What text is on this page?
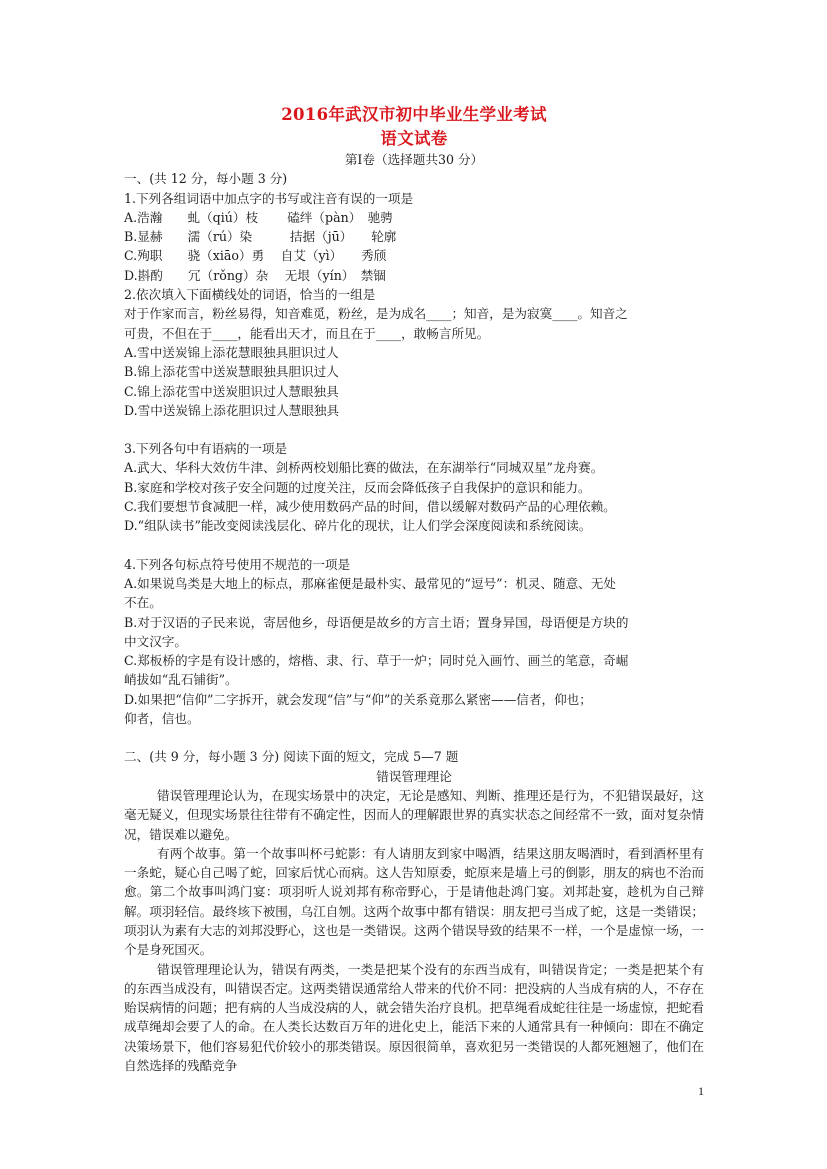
2016年武汉市初中毕业生学业考试
语文试卷

第Ⅰ卷（选择题共30 分）

一、(共 12 分，每小题 3 分)

1.下列各组词语中加点字的书写或注音有误的一项是

A.浩瀚　　虬（qiú）枝　　 磕绊（pàn）　驰骋

B.显赫　　濡（rú）染　　　拮据（jū）　　轮廓

C.殉职　　骁（xiāo）勇　 自艾（yì）　　秀颀

D.斟酌　　冗（rǒng）杂　 无垠（yín）　禁锢

2.依次填入下面横线处的词语，恰当的一组是

对于作家而言，粉丝易得，知音难觅，粉丝，是为成名____；知音，是为寂寞____。知音之

可贵，不但在于____，能看出天才，而且在于____，敢畅言所见。

A.雪中送炭锦上添花慧眼独具胆识过人

B.锦上添花雪中送炭慧眼独具胆识过人

C.锦上添花雪中送炭胆识过人慧眼独具

D.雪中送炭锦上添花胆识过人慧眼独具

3.下列各句中有语病的一项是

A.武大、华科大效仿牛津、剑桥两校划船比赛的做法，在东湖举行“同城双星”龙舟赛。

B.家庭和学校对孩子安全问题的过度关注，反而会降低孩子自我保护的意识和能力。

C.我们要想节食减肥一样，减少使用数码产品的时间，借以缓解对数码产品的心理依赖。

D.“组队读书”能改变阅读浅层化、碎片化的现状，让人们学会深度阅读和系统阅读。

4.下列各句标点符号使用不规范的一项是

A.如果说鸟类是大地上的标点，那麻雀便是最朴实、最常见的“逗号”：机灵、随意、无处

不在。

B.对于汉语的子民来说，寄居他乡，母语便是故乡的方言土语；置身异国，母语便是方块的

中文汉字。

C.郑板桥的字是有设计感的，熔楷、隶、行、草于一炉；同时兑入画竹、画兰的笔意，奇崛

峭拔如“乱石铺街”。

D.如果把“信仰”二字拆开，就会发现“信”与“仰”的关系竟那么紧密——信者，仰也；

仰者，信也。

二、(共 9 分，每小题 3 分) 阅读下面的短文，完成 5—7 题

错误管理理论

错误管理理论认为，在现实场景中的决定，无论是感知、判断、推理还是行为，不犯错误最好，这毫无疑义，但现实场景往往带有不确定性，因而人的理解跟世界的真实状态之间经常不一致，面对复杂情况，错误难以避免。

有两个故事。第一个故事叫杯弓蛇影：有人请朋友到家中喝酒，结果这朋友喝酒时，看到酒杯里有一条蛇，疑心自己喝了蛇，回家后忧心而病。这人告知原委，蛇原来是墙上弓的倒影，朋友的病也不治而愈。第二个故事叫鸿门宴：项羽听人说刘邦有称帝野心，于是请他赴鸿门宴。刘邦赴宴，趁机为自己辩解。项羽轻信。最终垓下被围，乌江自刎。这两个故事中都有错误：朋友把弓当成了蛇，这是一类错误；项羽认为素有大志的刘邦没野心，这也是一类错误。这两个错误导致的结果不一样，一个是虚惊一场，一个是身死国灭。

错误管理理论认为，错误有两类，一类是把某个没有的东西当成有，叫错误肯定；一类是把某个有的东西当成没有，叫错误否定。这两类错误通常给人带来的代价不同：把没病的人当成有病的人，不存在贻误病情的问题；把有病的人当成没病的人，就会错失治疗良机。把草绳看成蛇往往是一场虚惊，把蛇看成草绳却会要了人的命。在人类长达数百万年的进化史上，能活下来的人通常具有一种倾向：即在不确定决策场景下，他们容易犯代价较小的那类错误。原因很简单，喜欢犯另一类错误的人都死翘翘了，他们在自然选择的残酷竞争

1
